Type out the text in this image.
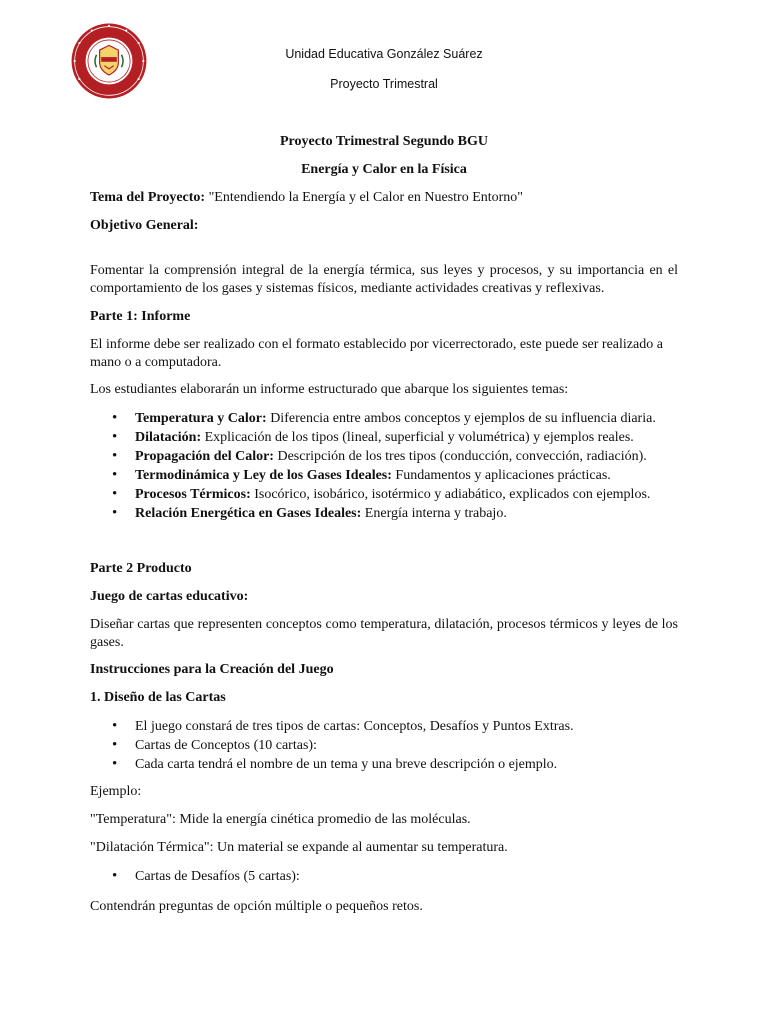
Unidad Educativa González Suárez
Proyecto Trimestral
Proyecto Trimestral Segundo BGU
Energía y Calor en la Física
Tema del Proyecto: "Entendiendo la Energía y el Calor en Nuestro Entorno"
Objetivo General:
Fomentar la comprensión integral de la energía térmica, sus leyes y procesos, y su importancia en el comportamiento de los gases y sistemas físicos, mediante actividades creativas y reflexivas.
Parte 1: Informe
El informe debe ser realizado con el formato establecido por vicerrectorado, este puede ser realizado a mano o a computadora.
Los estudiantes elaborarán un informe estructurado que abarque los siguientes temas:
• Temperatura y Calor: Diferencia entre ambos conceptos y ejemplos de su influencia diaria.
• Dilatación: Explicación de los tipos (lineal, superficial y volumétrica) y ejemplos reales.
• Propagación del Calor: Descripción de los tres tipos (conducción, convección, radiación).
• Termodinámica y Ley de los Gases Ideales: Fundamentos y aplicaciones prácticas.
• Procesos Térmicos: Isocórico, isobárico, isotérmico y adiabático, explicados con ejemplos.
• Relación Energética en Gases Ideales: Energía interna y trabajo.
Parte 2 Producto
Juego de cartas educativo:
Diseñar cartas que representen conceptos como temperatura, dilatación, procesos térmicos y leyes de los gases.
Instrucciones para la Creación del Juego
1. Diseño de las Cartas
• El juego constará de tres tipos de cartas: Conceptos, Desafíos y Puntos Extras.
• Cartas de Conceptos (10 cartas):
• Cada carta tendrá el nombre de un tema y una breve descripción o ejemplo.
Ejemplo:
"Temperatura": Mide la energía cinética promedio de las moléculas.
"Dilatación Térmica": Un material se expande al aumentar su temperatura.
• Cartas de Desafíos (5 cartas):
Contendrán preguntas de opción múltiple o pequeños retos.
